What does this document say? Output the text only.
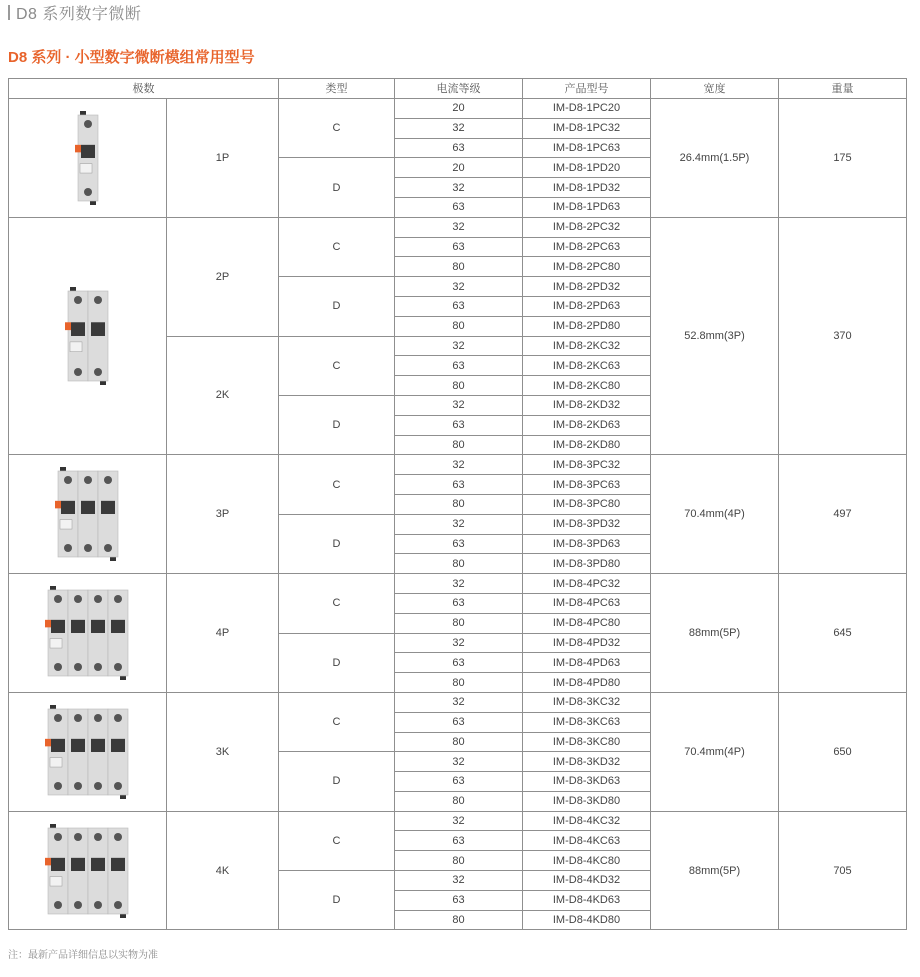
D8 系列数字微断
D8 系列 · 小型数字微断模组常用型号
极数		类型	电流等级	产品型号	宽度	重量

	1P	C	20	IM-D8-1PC20	26.4mm(1.5P)	175
			32	IM-D8-1PC32		
			63	IM-D8-1PC63		
		D	20	IM-D8-1PD20		
			32	IM-D8-1PD32		
			63	IM-D8-1PD63		

	2P	C	32	IM-D8-2PC32	52.8mm(3P)	370
			63	IM-D8-2PC63		
			80	IM-D8-2PC80		
		D	32	IM-D8-2PD32		
			63	IM-D8-2PD63		
			80	IM-D8-2PD80		
	2K	C	32	IM-D8-2KC32		
			63	IM-D8-2KC63		
			80	IM-D8-2KC80		
		D	32	IM-D8-2KD32		
			63	IM-D8-2KD63		
			80	IM-D8-2KD80		

	3P	C	32	IM-D8-3PC32	70.4mm(4P)	497
			63	IM-D8-3PC63		
			80	IM-D8-3PC80		
		D	32	IM-D8-3PD32		
			63	IM-D8-3PD63		
			80	IM-D8-3PD80		

	4P	C	32	IM-D8-4PC32	88mm(5P)	645
			63	IM-D8-4PC63		
			80	IM-D8-4PC80		
		D	32	IM-D8-4PD32		
			63	IM-D8-4PD63		
			80	IM-D8-4PD80		

	3K	C	32	IM-D8-3KC32	70.4mm(4P)	650
			63	IM-D8-3KC63		
			80	IM-D8-3KC80		
		D	32	IM-D8-3KD32		
			63	IM-D8-3KD63		
			80	IM-D8-3KD80		

	4K	C	32	IM-D8-4KC32	88mm(5P)	705
			63	IM-D8-4KC63		
			80	IM-D8-4KC80		
		D	32	IM-D8-4KD32		
			63	IM-D8-4KD63		
			80	IM-D8-4KD80		
注：最新产品详细信息以实物为准
